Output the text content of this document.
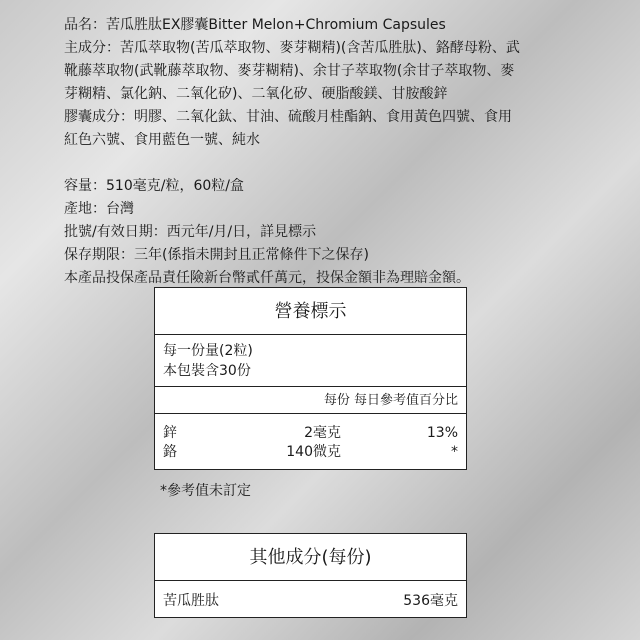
品名：苦瓜胜肽EX膠囊Bitter Melon+Chromium Capsules
主成分：苦瓜萃取物(苦瓜萃取物、麥芽糊精)(含苦瓜胜肽)、鉻酵母粉、武
靴藤萃取物(武靴藤萃取物、麥芽糊精)、余甘子萃取物(余甘子萃取物、麥
芽糊精、氯化鈉、二氧化矽)、二氧化矽、硬脂酸鎂、甘胺酸鋅
膠囊成分：明膠、二氧化鈦、甘油、硫酸月桂酯鈉、食用黃色四號、食用
紅色六號、食用藍色一號、純水
容量：510毫克/粒，60粒/盒
產地：台灣
批號/有效日期：西元年/月/日，詳見標示
保存期限：三年(係指未開封且正常條件下之保存)
本產品投保產品責任險新台幣貳仟萬元，投保金額非為理賠金額。
營養標示
每一份量(2粒)
本包裝含30份
每份 每日參考值百分比
鋅	2毫克	13%
鉻	140微克	*
*參考值未訂定
其他成分(每份)
苦瓜胜肽	536毫克
